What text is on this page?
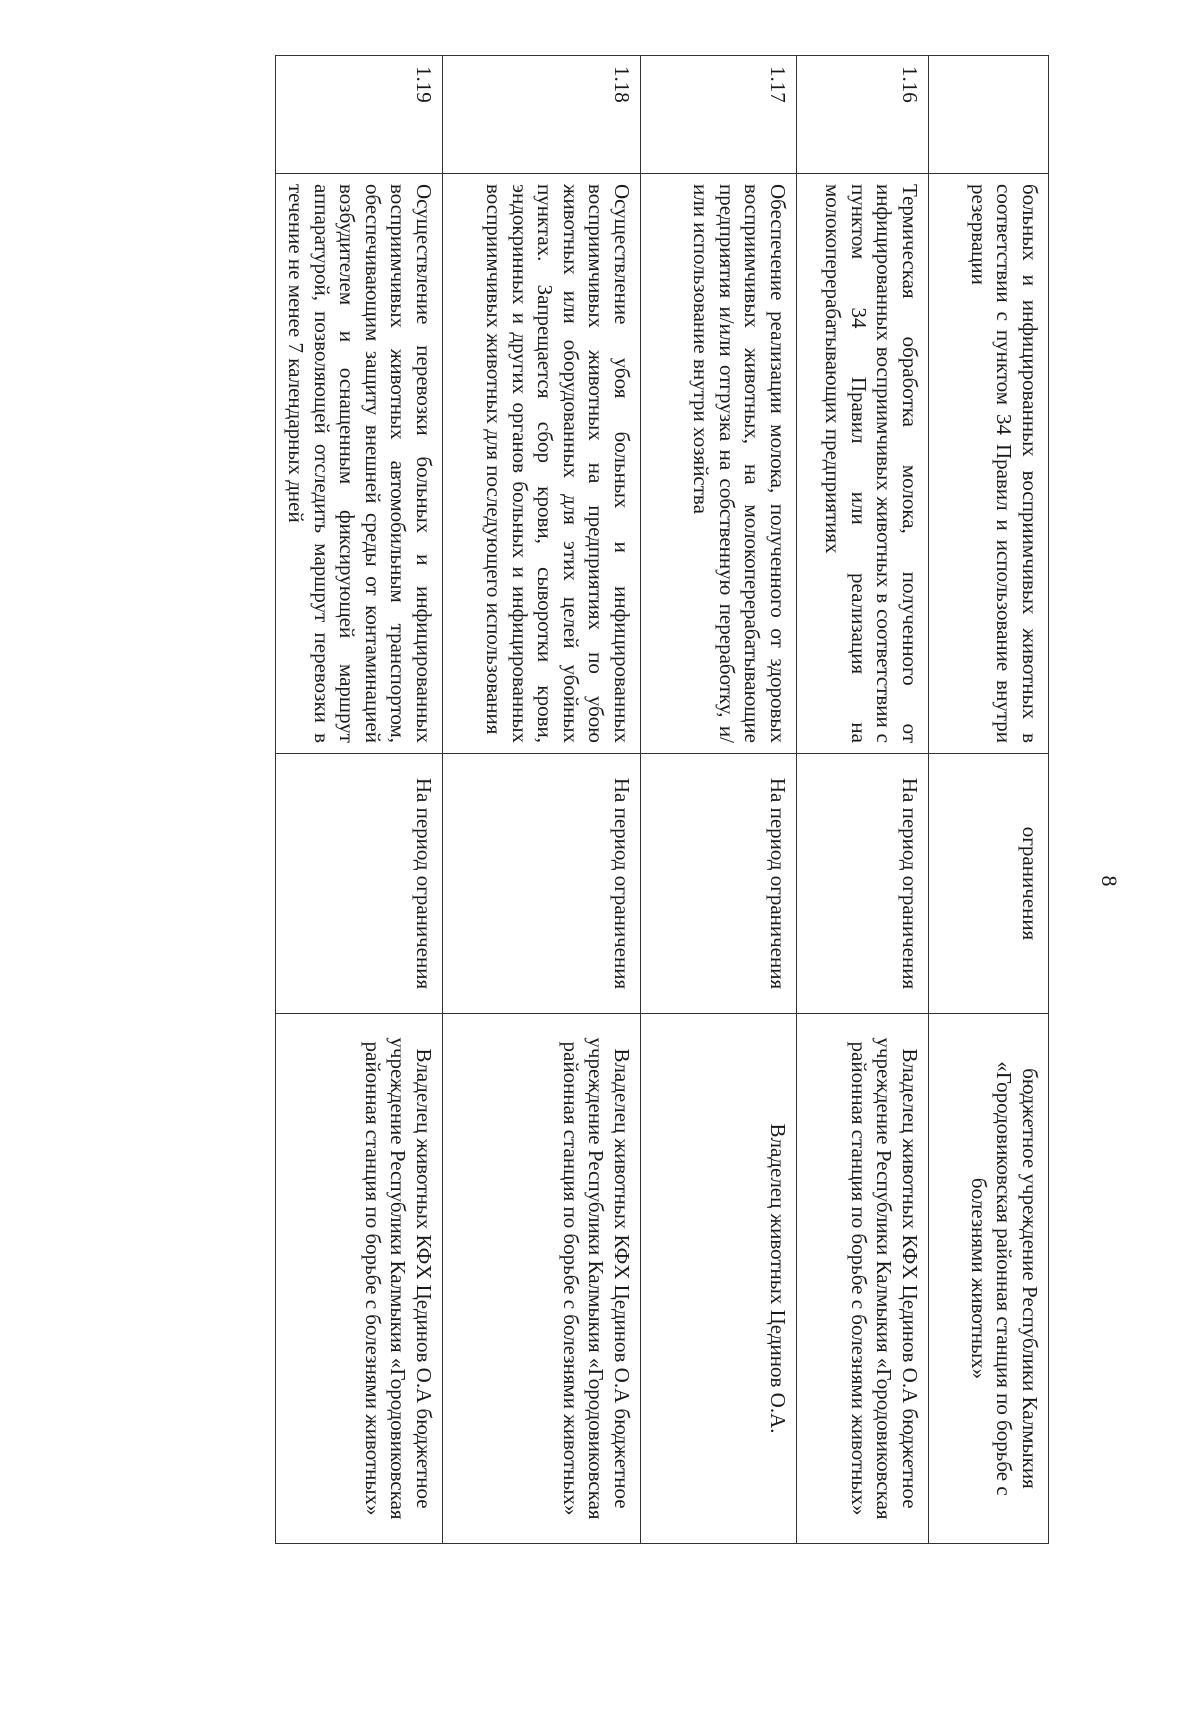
	больных и инфицированных восприимчивых животных в соответствии с пунктом 34 Правил и использование внутри резервации	ограничения	бюджетное учреждение Республики Калмыкия «Городовиковская районная станция по борьбе с болезнями животных»
1.16	Термическая обработка молока, полученного от инфицированных восприимчивых животных в соответствии с пунктом 34 Правил или реализация на молокоперерабатывающих предприятиях	На период ограничения	Владелец животных КФХ Цединов О.А бюджетное учреждение Республики Калмыкия «Городовиковская районная станция по борьбе с болезнями животных»
1.17	Обеспечение реализации молока, полученного от здоровых восприимчивых животных, на молокоперерабатывающие предприятия и/или отгрузка на собственную переработку, и/или использование внутри хозяйства	На период ограничения	Владелец животных Цединов О.А.
1.18	Осуществление убоя больных и инфицированных восприимчивых животных на предприятиях по убою животных или оборудованных для этих целей убойных пунктах. Запрещается сбор крови, сыворотки крови, эндокринных и других органов больных и инфицированных восприимчивых животных для последующего использования	На период ограничения	Владелец животных КФХ Цединов О.А бюджетное учреждение Республики Калмыкия «Городовиковская районная станция по борьбе с болезнями животных»
1.19	Осуществление перевозки больных и инфицированных восприимчивых животных автомобильным транспортом, обеспечивающим защиту внешней среды от контаминацией возбудителем и оснащенным фиксирующей маршрут аппаратурой, позволяющей отследить маршрут перевозки в течение не менее 7 календарных дней	На период ограничения	Владелец животных КФХ Цединов О.А бюджетное учреждение Республики Калмыкия «Городовиковская районная станция по борьбе с болезнями животных»
8
